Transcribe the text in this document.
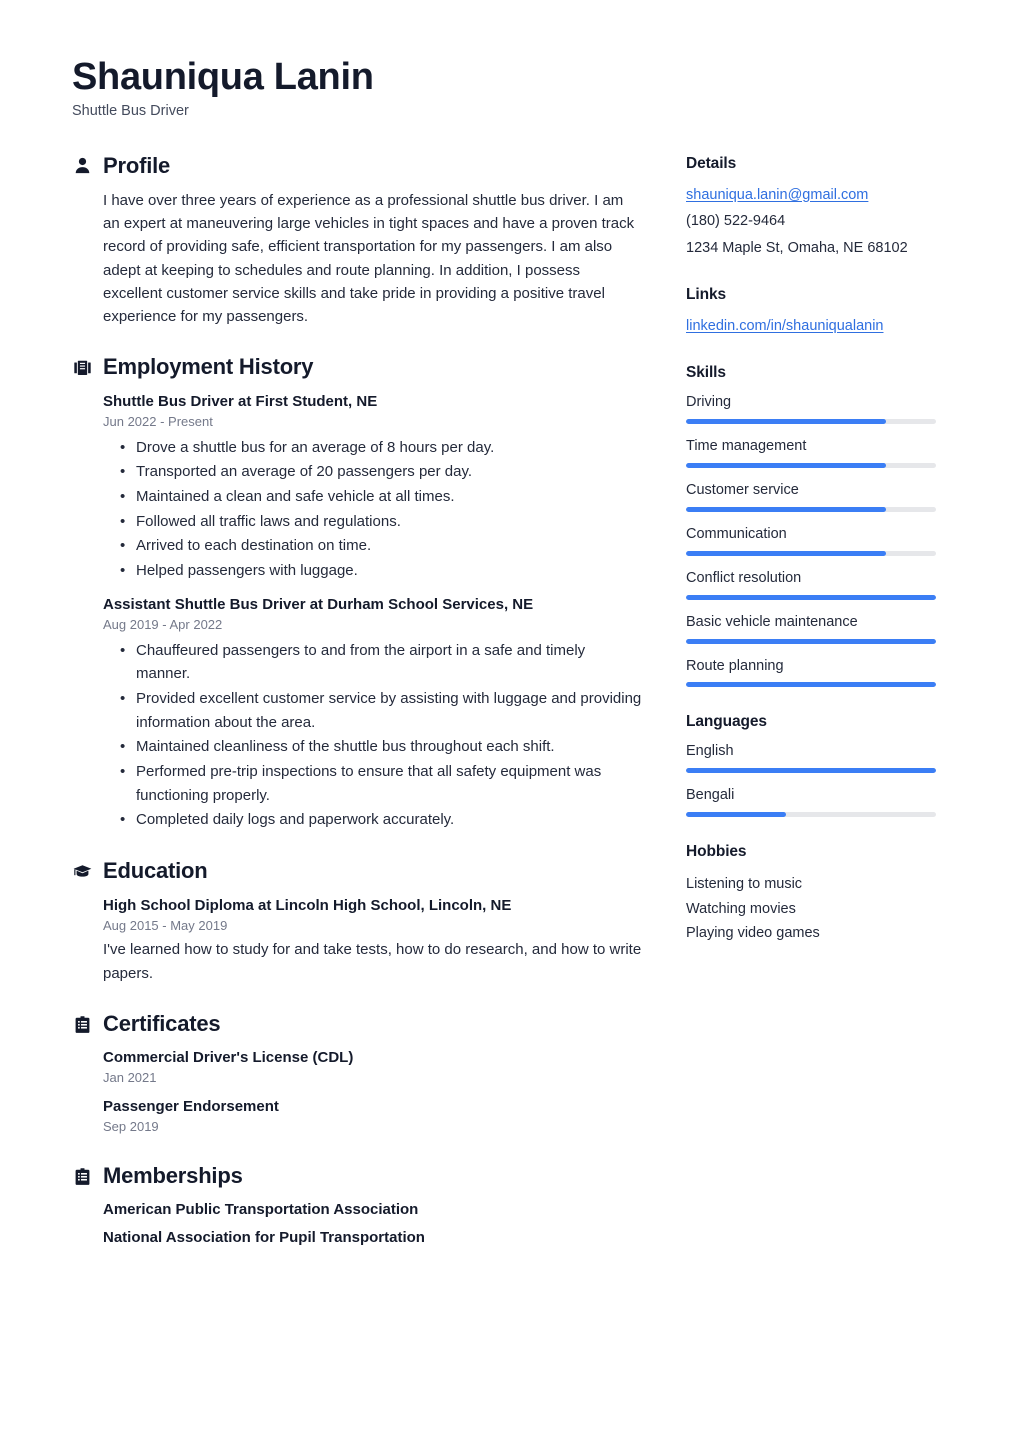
Shauniqua Lanin
Shuttle Bus Driver
Profile

I have over three years of experience as a professional shuttle bus driver. I am an expert at maneuvering large vehicles in tight spaces and have a proven track record of providing safe, efficient transportation for my passengers. I am also adept at keeping to schedules and route planning. In addition, I possess excellent customer service skills and take pride in providing a positive travel experience for my passengers.

Employment History
Shuttle Bus Driver at First Student, NE
Jun 2022 - Present
• Drove a shuttle bus for an average of 8 hours per day.
• Transported an average of 20 passengers per day.
• Maintained a clean and safe vehicle at all times.
• Followed all traffic laws and regulations.
• Arrived to each destination on time.
• Helped passengers with luggage.
Assistant Shuttle Bus Driver at Durham School Services, NE
Aug 2019 - Apr 2022
• Chauffeured passengers to and from the airport in a safe and timely manner.
• Provided excellent customer service by assisting with luggage and providing information about the area.
• Maintained cleanliness of the shuttle bus throughout each shift.
• Performed pre-trip inspections to ensure that all safety equipment was functioning properly.
• Completed daily logs and paperwork accurately.
Education
High School Diploma at Lincoln High School, Lincoln, NE
Aug 2015 - May 2019
I've learned how to study for and take tests, how to do research, and how to write papers.
Certificates
Commercial Driver's License (CDL)
Jan 2021
Passenger Endorsement
Sep 2019
Memberships
American Public Transportation Association
National Association for Pupil Transportation
Details
shauniqua.lanin@gmail.com
(180) 522-9464
1234 Maple St, Omaha, NE 68102
Links
linkedin.com/in/shauniqualanin
Skills
Driving
Time management
Customer service
Communication
Conflict resolution
Basic vehicle maintenance
Route planning
Languages
English
Bengali
Hobbies
Listening to music
Watching movies
Playing video games
